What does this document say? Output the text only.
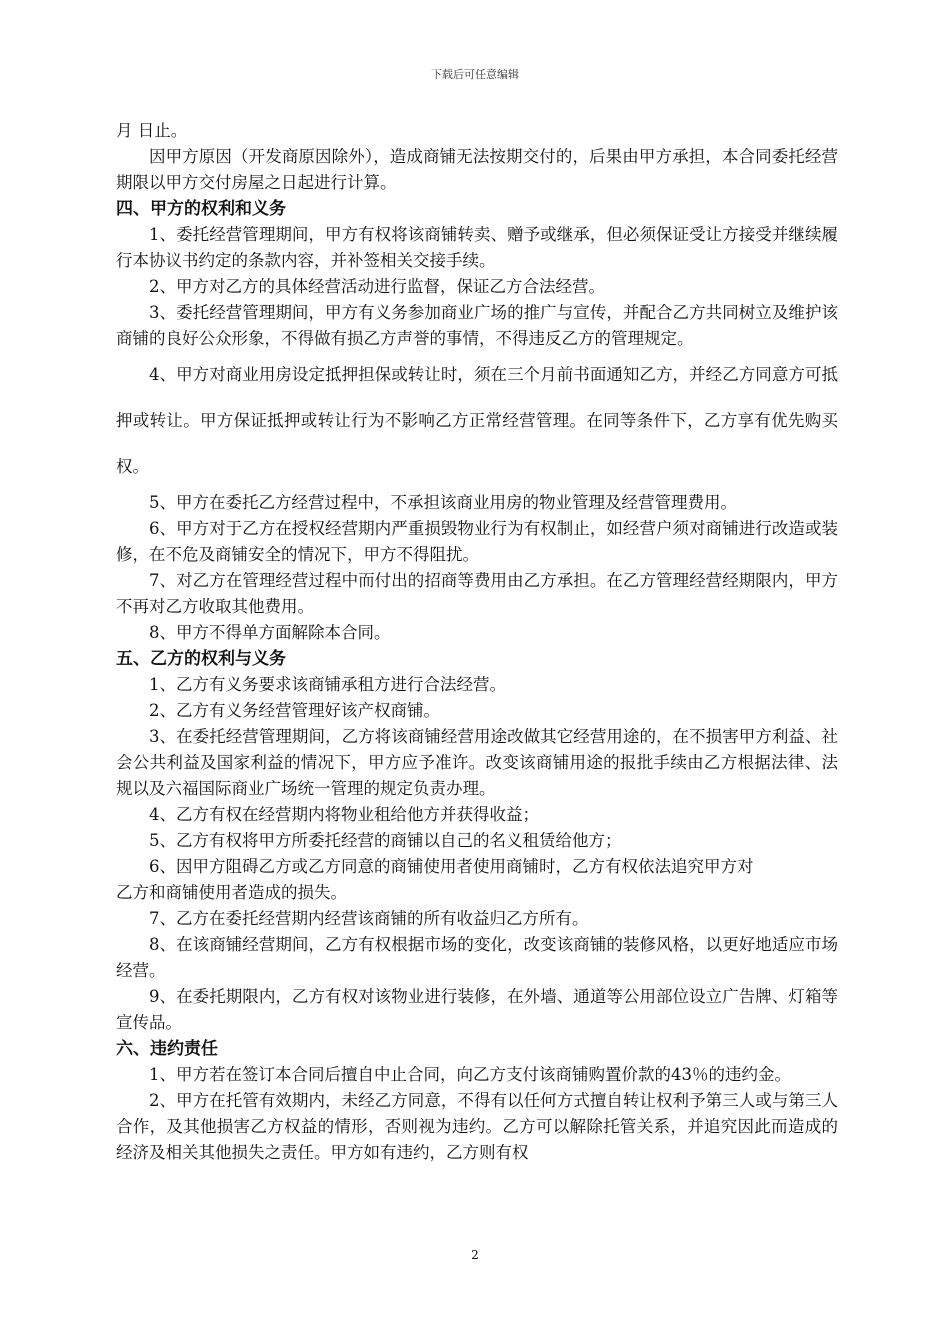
下载后可任意编辑

月 日止。

因甲方原因（开发商原因除外），造成商铺无法按期交付的，后果由甲方承担，本合同委托经营期限以甲方交付房屋之日起进行计算。

四、甲方的权利和义务

1、委托经营管理期间，甲方有权将该商铺转卖、赠予或继承，但必须保证受让方接受并继续履行本协议书约定的条款内容，并补签相关交接手续。

2、甲方对乙方的具体经营活动进行监督，保证乙方合法经营。

3、委托经营管理期间，甲方有义务参加商业广场的推广与宣传，并配合乙方共同树立及维护该商铺的良好公众形象，不得做有损乙方声誉的事情，不得违反乙方的管理规定。

4、甲方对商业用房设定抵押担保或转让时，须在三个月前书面通知乙方，并经乙方同意方可抵押或转让。甲方保证抵押或转让行为不影响乙方正常经营管理。在同等条件下，乙方享有优先购买权。

5、甲方在委托乙方经营过程中，不承担该商业用房的物业管理及经营管理费用。

6、甲方对于乙方在授权经营期内严重损毁物业行为有权制止，如经营户须对商铺进行改造或装修，在不危及商铺安全的情况下，甲方不得阻扰。

7、对乙方在管理经营过程中而付出的招商等费用由乙方承担。在乙方管理经营经期限内，甲方不再对乙方收取其他费用。

8、甲方不得单方面解除本合同。

五、乙方的权利与义务

1、乙方有义务要求该商铺承租方进行合法经营。

2、乙方有义务经营管理好该产权商铺。

3、在委托经营管理期间，乙方将该商铺经营用途改做其它经营用途的，在不损害甲方利益、社会公共利益及国家利益的情况下，甲方应予准许。改变该商铺用途的报批手续由乙方根据法律、法规以及六福国际商业广场统一管理的规定负责办理。

4、乙方有权在经营期内将物业租给他方并获得收益；

5、乙方有权将甲方所委托经营的商铺以自己的名义租赁给他方；

6、因甲方阻碍乙方或乙方同意的商铺使用者使用商铺时，乙方有权依法追究甲方对

乙方和商铺使用者造成的损失。

7、乙方在委托经营期内经营该商铺的所有收益归乙方所有。

8、在该商铺经营期间，乙方有权根据市场的变化，改变该商铺的装修风格，以更好地适应市场经营。

9、在委托期限内，乙方有权对该物业进行装修，在外墙、通道等公用部位设立广告牌、灯箱等宣传品。

六、违约责任

1、甲方若在签订本合同后擅自中止合同，向乙方支付该商铺购置价款的43％的违约金。

2、甲方在托管有效期内，未经乙方同意，不得有以任何方式擅自转让权利予第三人或与第三人合作，及其他损害乙方权益的情形，否则视为违约。乙方可以解除托管关系，并追究因此而造成的经济及相关其他损失之责任。甲方如有违约，乙方则有权

2
